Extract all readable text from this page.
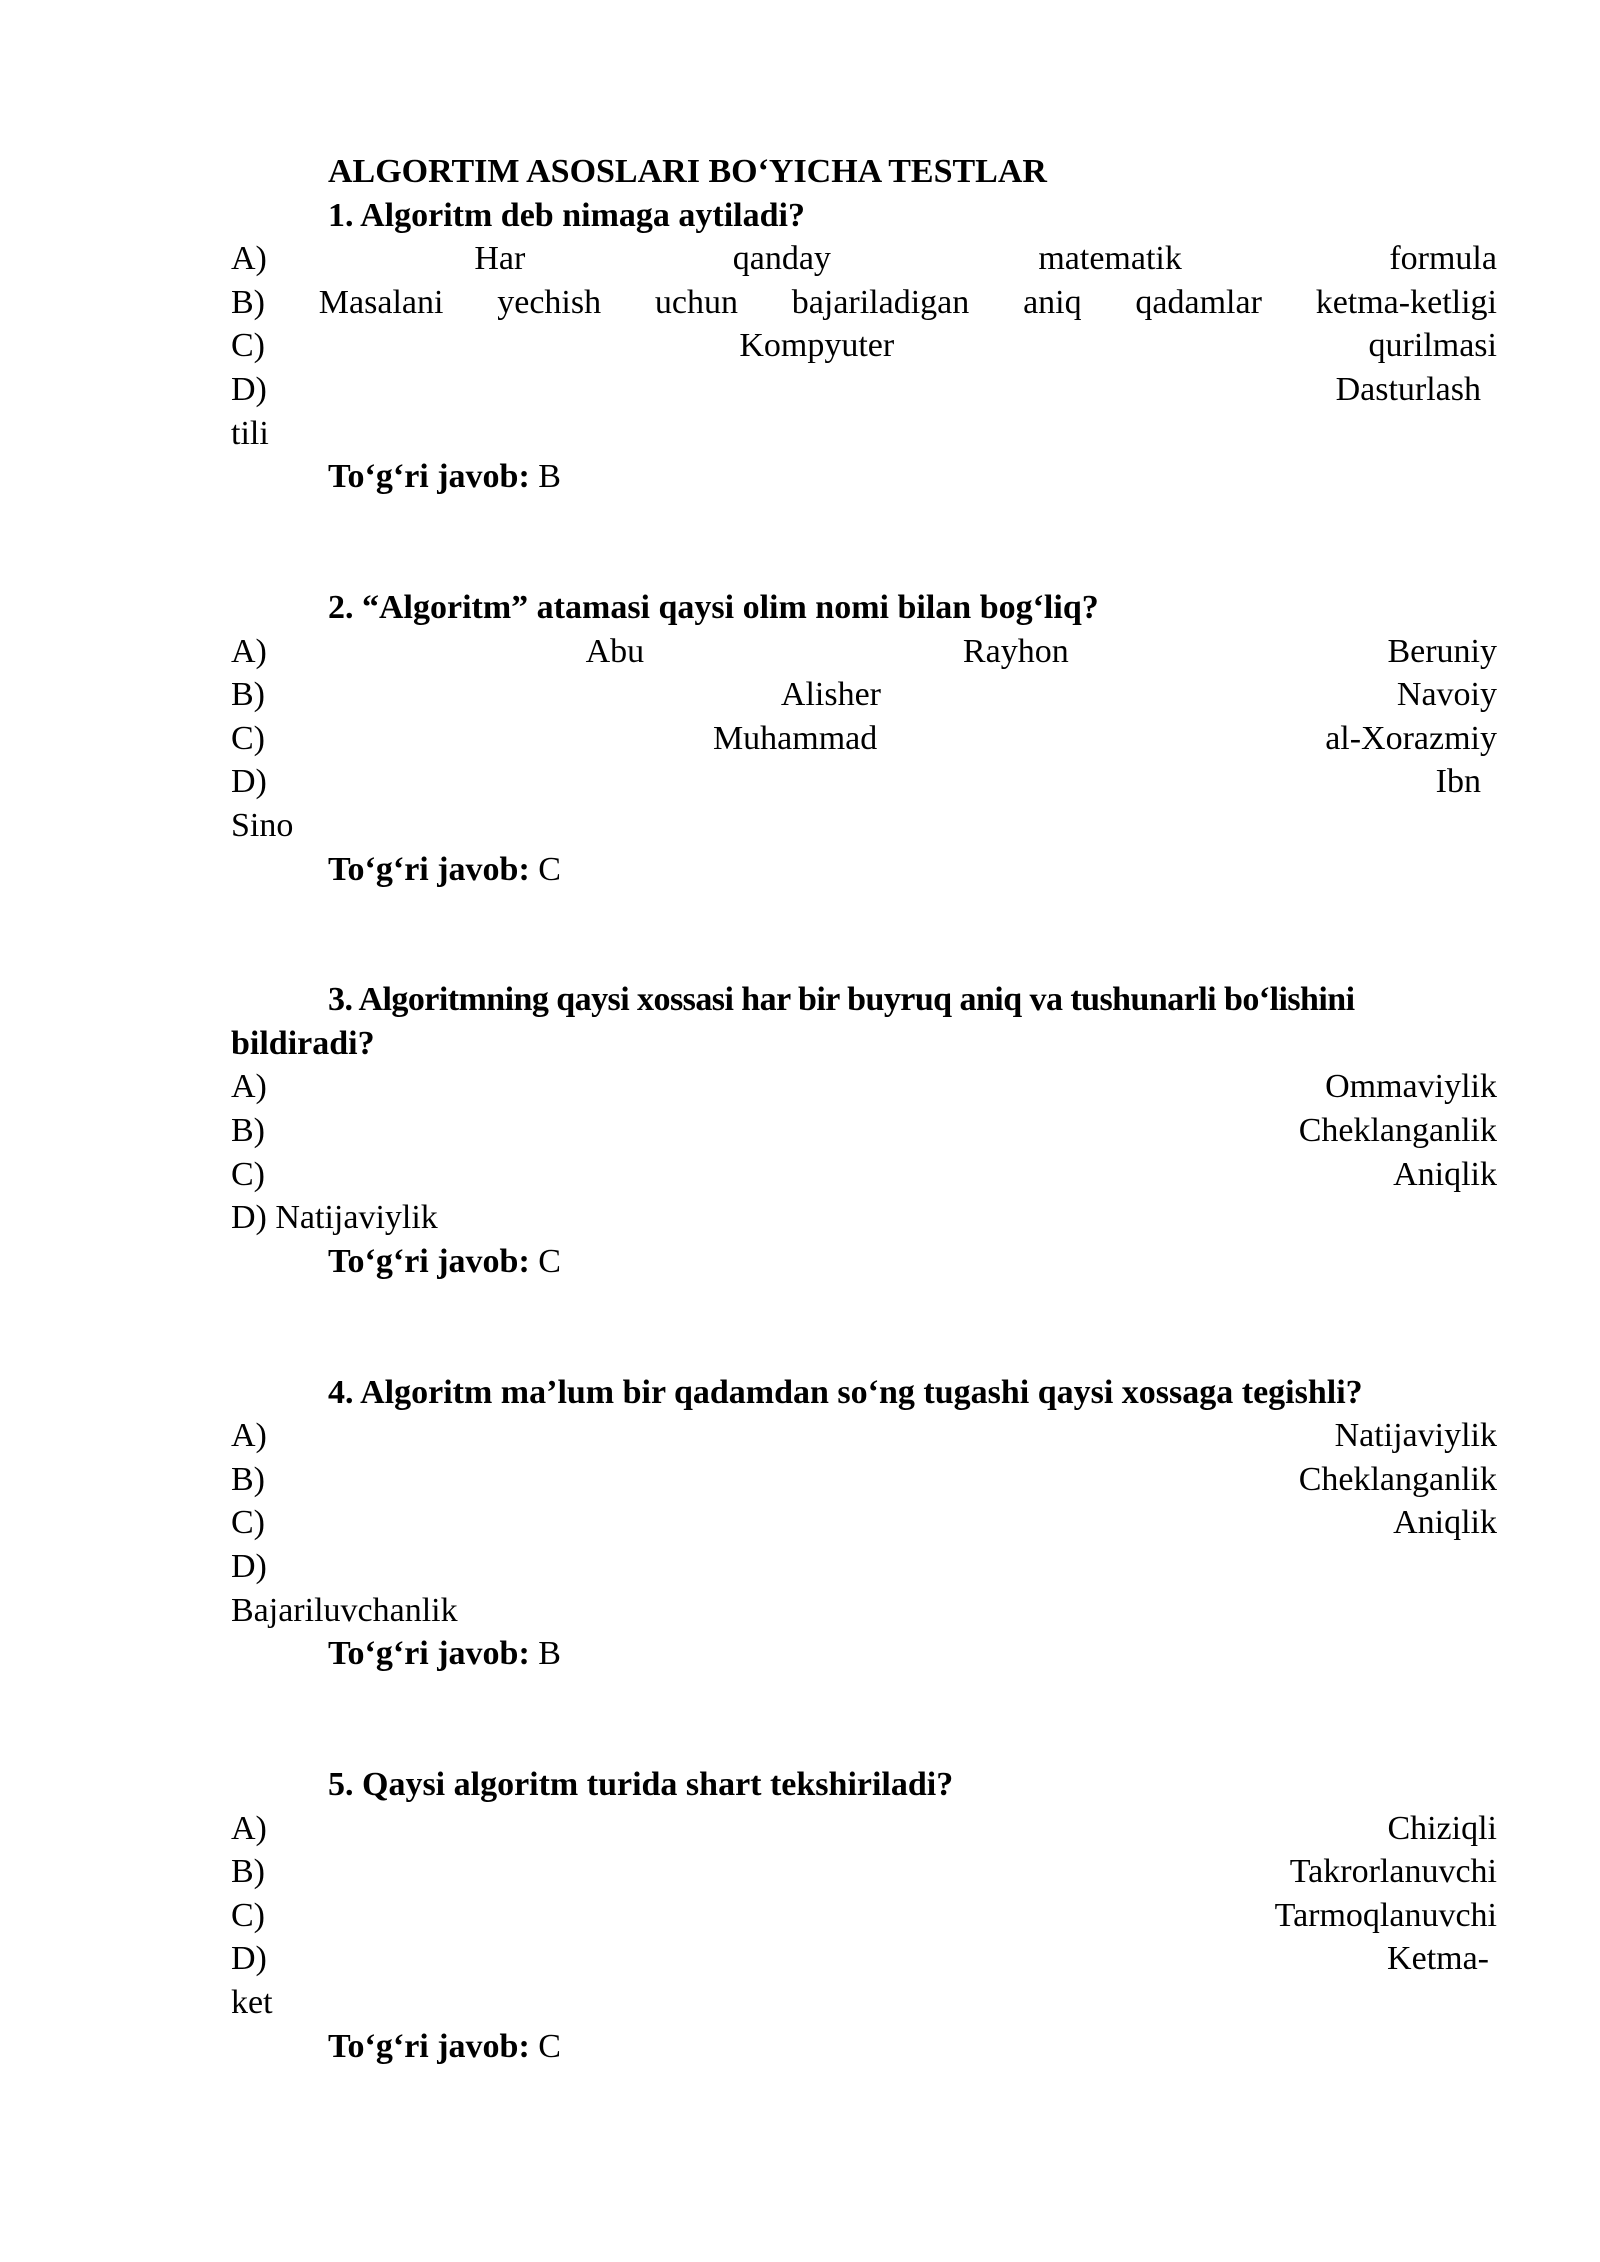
ALGORTIM ASOSLARI BO‘YICHA TESTLAR
1. Algoritm deb nimaga aytiladi?
A)	Har	qanday	matematik	formula
B) Masalani yechish uchun bajariladigan aniq qadamlar ketma-ketligi
C)	Kompyuter	qurilmasi
D)	Dasturlash
tili
To‘g‘ri javob: B
2. “Algoritm” atamasi qaysi olim nomi bilan bog‘liq?
A)	Abu	Rayhon	Beruniy
B)	Alisher	Navoiy
C)	Muhammad	al-Xorazmiy
D)	Ibn
Sino
To‘g‘ri javob: C
3. Algoritmning qaysi xossasi har bir buyruq aniq va tushunarli bo‘lishini
bildiradi?
A)	Ommaviylik
B)	Cheklanganlik
C)	Aniqlik
D) Natijaviylik
To‘g‘ri javob: C
4. Algoritm ma’lum bir qadamdan so‘ng tugashi qaysi xossaga tegishli?
A)	Natijaviylik
B)	Cheklanganlik
C)	Aniqlik
D)
Bajariluvchanlik
To‘g‘ri javob: B
5. Qaysi algoritm turida shart tekshiriladi?
A)	Chiziqli
B)	Takrorlanuvchi
C)	Tarmoqlanuvchi
D)	Ketma-
ket
To‘g‘ri javob: C
